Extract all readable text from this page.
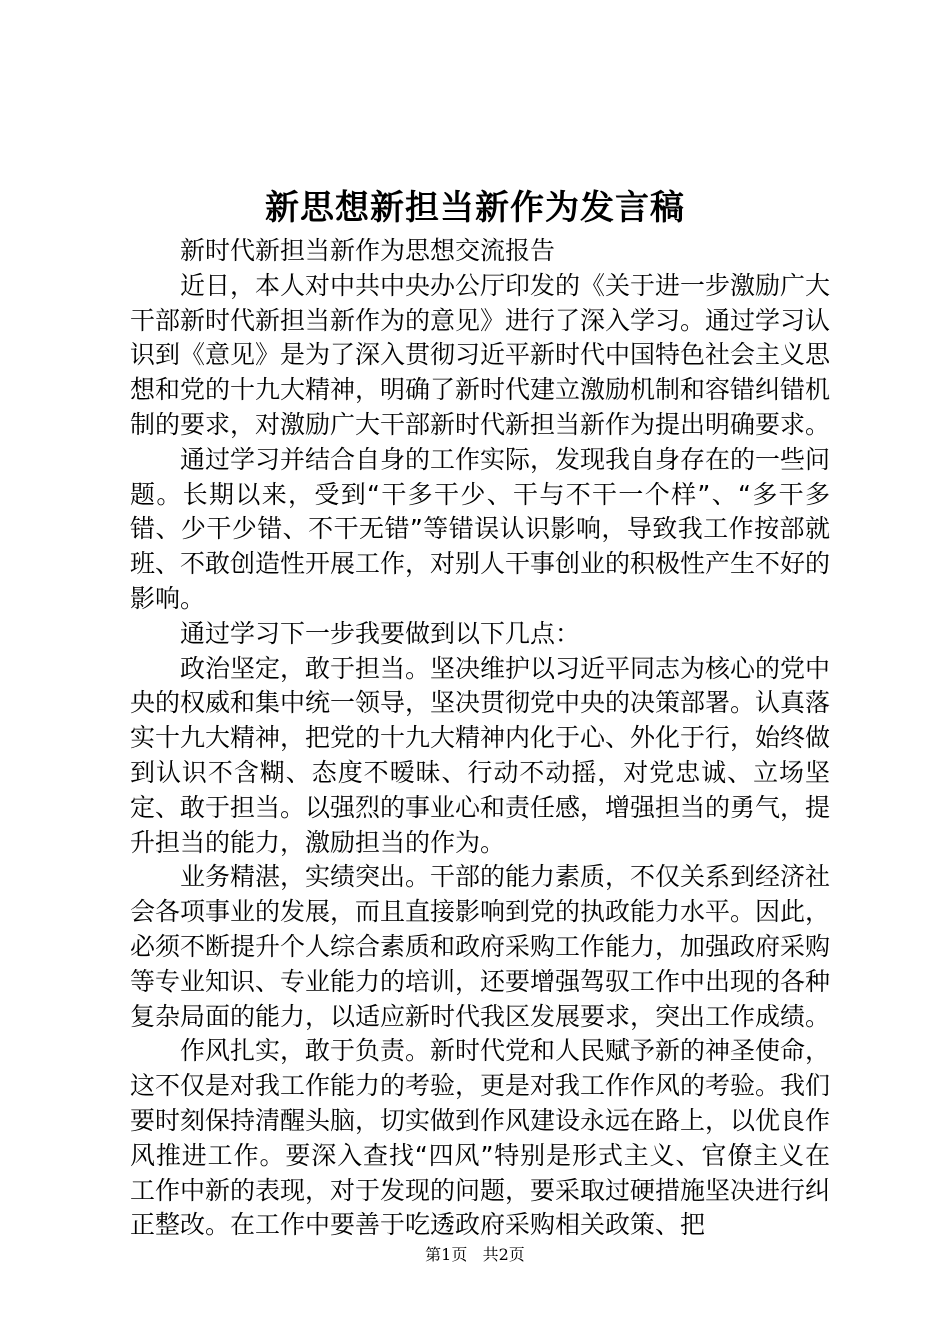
新思想新担当新作为发言稿

新时代新担当新作为思想交流报告

近日，本人对中共中央办公厅印发的《关于进一步激励广大干部新时代新担当新作为的意见》进行了深入学习。通过学习认识到《意见》是为了深入贯彻习近平新时代中国特色社会主义思想和党的十九大精神，明确了新时代建立激励机制和容错纠错机制的要求，对激励广大干部新时代新担当新作为提出明确要求。

通过学习并结合自身的工作实际，发现我自身存在的一些问题。长期以来，受到“干多干少、干与不干一个样”、“多干多错、少干少错、不干无错”等错误认识影响，导致我工作按部就班、不敢创造性开展工作，对别人干事创业的积极性产生不好的影响。

通过学习下一步我要做到以下几点：

政治坚定，敢于担当。坚决维护以习近平同志为核心的党中央的权威和集中统一领导，坚决贯彻党中央的决策部署。认真落实十九大精神，把党的十九大精神内化于心、外化于行，始终做到认识不含糊、态度不暧昧、行动不动摇，对党忠诚、立场坚定、敢于担当。以强烈的事业心和责任感，增强担当的勇气，提升担当的能力，激励担当的作为。

业务精湛，实绩突出。干部的能力素质，不仅关系到经济社会各项事业的发展，而且直接影响到党的执政能力水平。因此，必须不断提升个人综合素质和政府采购工作能力，加强政府采购等专业知识、专业能力的培训，还要增强驾驭工作中出现的各种复杂局面的能力，以适应新时代我区发展要求，突出工作成绩。

作风扎实，敢于负责。新时代党和人民赋予新的神圣使命，这不仅是对我工作能力的考验，更是对我工作作风的考验。我们要时刻保持清醒头脑，切实做到作风建设永远在路上，以优良作风推进工作。要深入查找“四风”特别是形式主义、官僚主义在工作中新的表现，对于发现的问题，要采取过硬措施坚决进行纠正整改。在工作中要善于吃透政府采购相关政策、把

第1页 共2页
